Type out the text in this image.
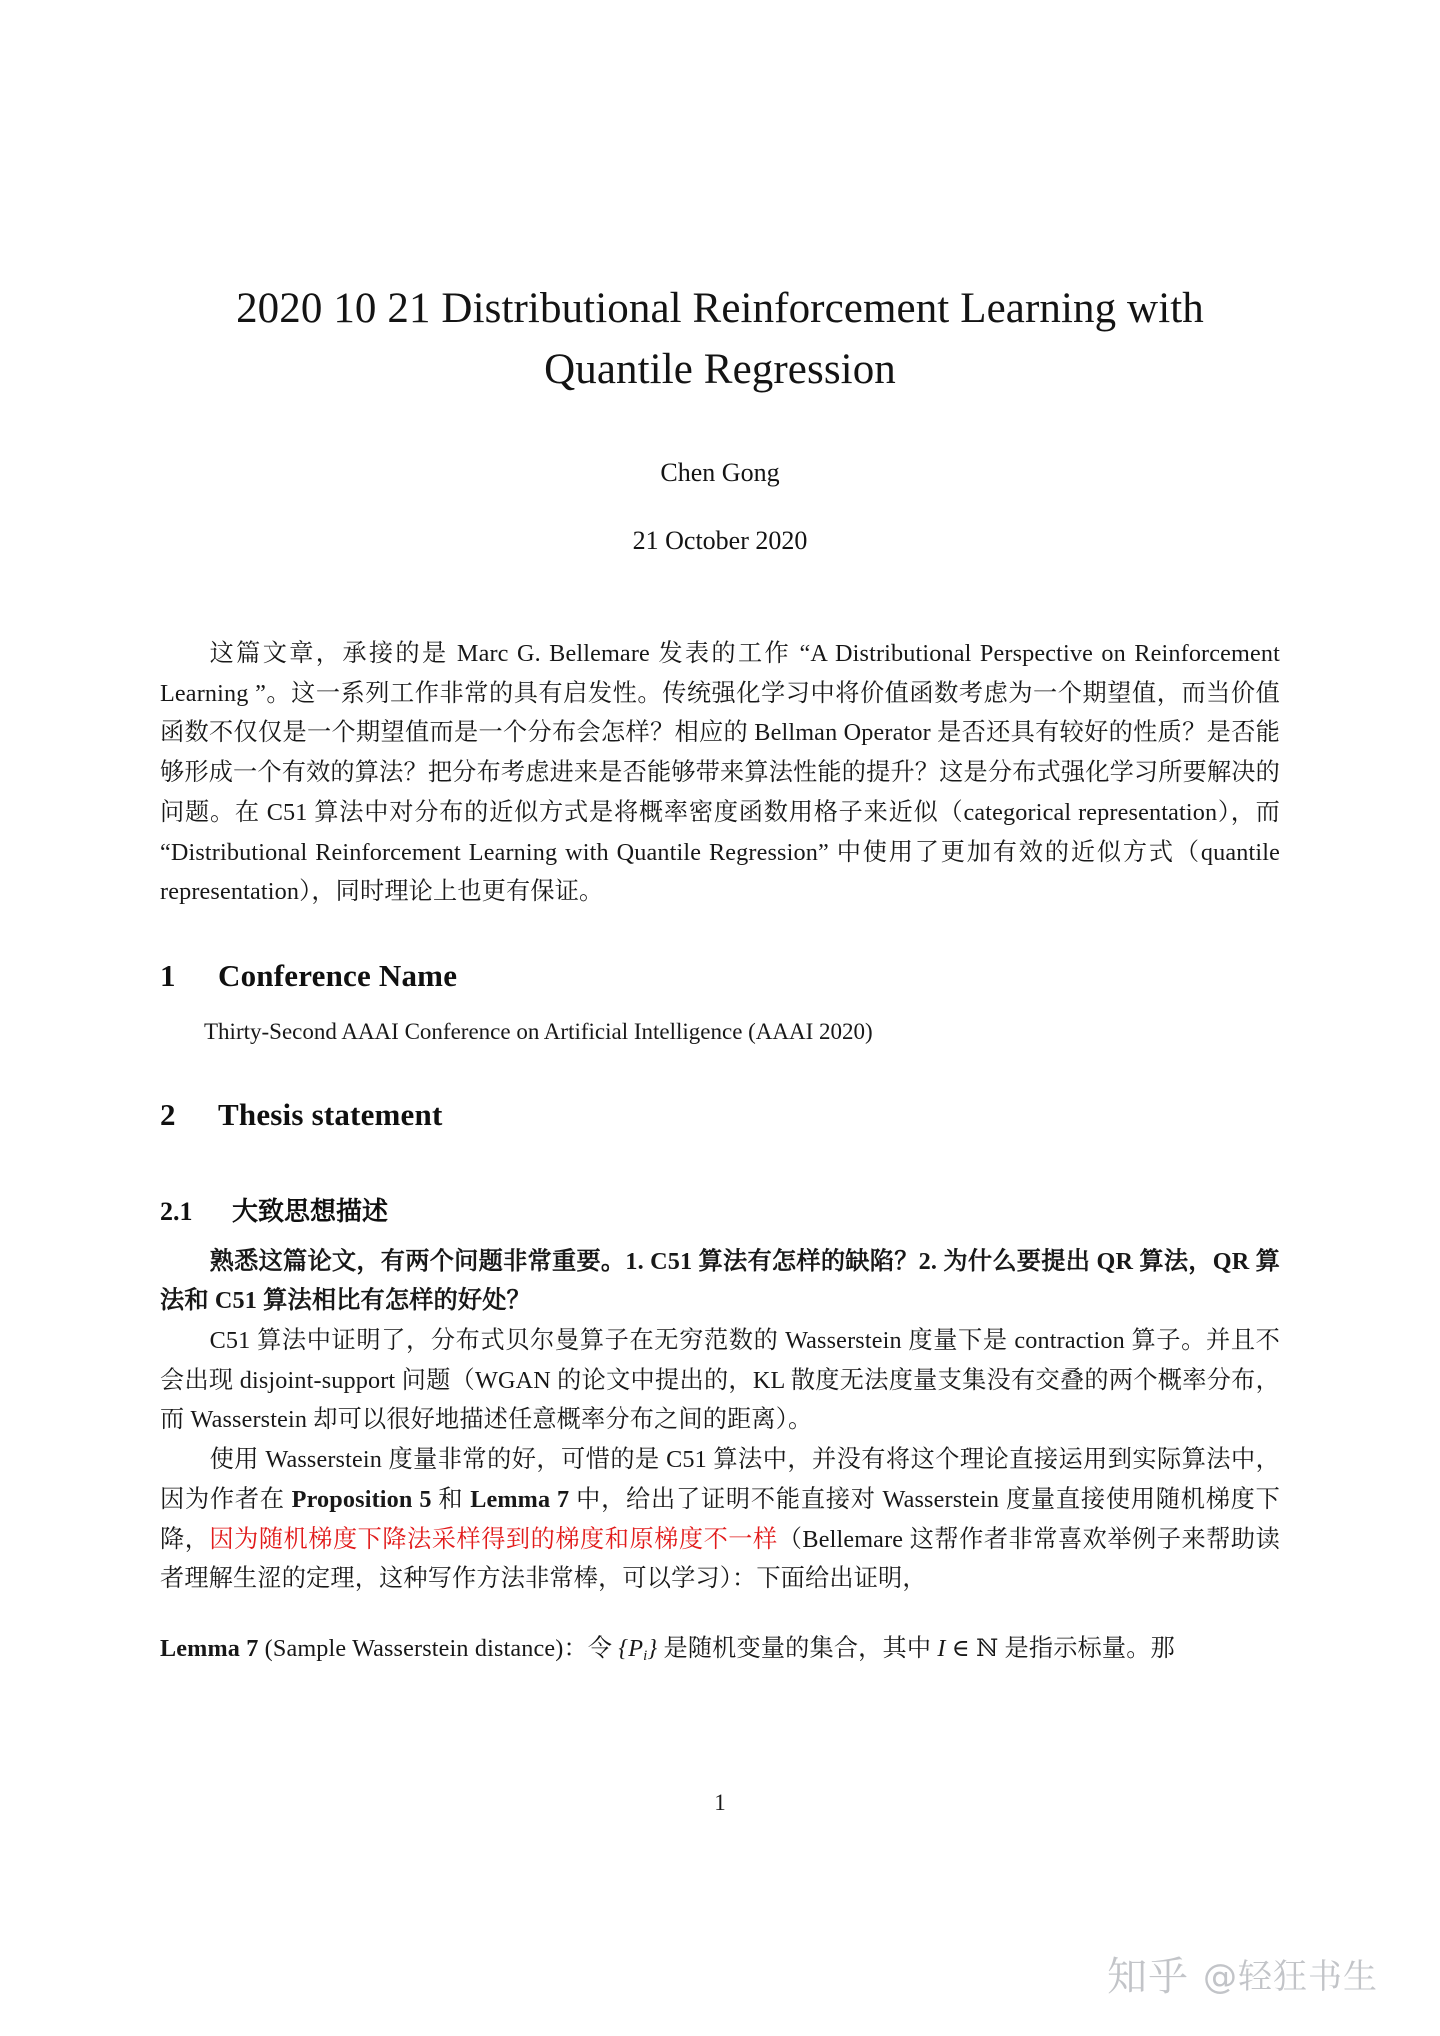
2020 10 21 Distributional Reinforcement Learning with Quantile Regression

Chen Gong

21 October 2020

这篇文章，承接的是 Marc G. Bellemare 发表的工作 “A Distributional Perspective on Reinforcement Learning ”。这一系列工作非常的具有启发性。传统强化学习中将价值函数考虑为一个期望值，而当价值函数不仅仅是一个期望值而是一个分布会怎样？相应的 Bellman Operator 是否还具有较好的性质？是否能够形成一个有效的算法？把分布考虑进来是否能够带来算法性能的提升？这是分布式强化学习所要解决的问题。在 C51 算法中对分布的近似方式是将概率密度函数用格子来近似（categorical representation），而 “Distributional Reinforcement Learning with Quantile Regression” 中使用了更加有效的近似方式（quantile representation），同时理论上也更有保证。

1 Conference Name

Thirty-Second AAAI Conference on Artificial Intelligence (AAAI 2020)

2 Thesis statement
2.1 大致思想描述

熟悉这篇论文，有两个问题非常重要。1. C51 算法有怎样的缺陷？2. 为什么要提出 QR 算法，QR 算法和 C51 算法相比有怎样的好处？

C51 算法中证明了，分布式贝尔曼算子在无穷范数的 Wasserstein 度量下是 contraction 算子。并且不会出现 disjoint-support 问题（WGAN 的论文中提出的，KL 散度无法度量支集没有交叠的两个概率分布，而 Wasserstein 却可以很好地描述任意概率分布之间的距离）。

使用 Wasserstein 度量非常的好，可惜的是 C51 算法中，并没有将这个理论直接运用到实际算法中，因为作者在 Proposition 5 和 Lemma 7 中，给出了证明不能直接对 Wasserstein 度量直接使用随机梯度下降，因为随机梯度下降法采样得到的梯度和原梯度不一样（Bellemare 这帮作者非常喜欢举例子来帮助读者理解生涩的定理，这种写作方法非常棒，可以学习）：下面给出证明，

Lemma 7 (Sample Wasserstein distance)：令 $\{P_i\}$ 是随机变量的集合，其中 I ∈ ℕ 是指示标量。那

1
知乎 @轻狂书生
